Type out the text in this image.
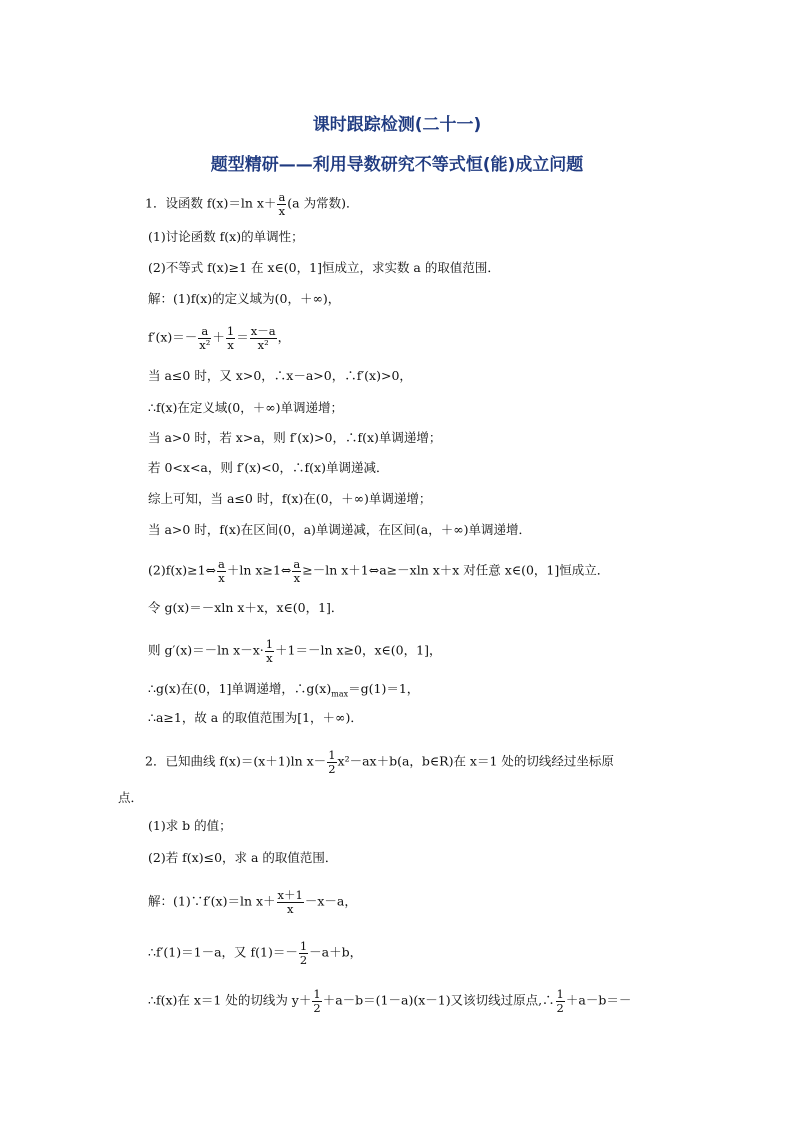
课时跟踪检测(二十一)
题型精研——利用导数研究不等式恒(能)成立问题
1．设函数 f(x)＝ln $x+ \frac{a}{x} (a$ 为常数)．
(1)讨论函数 f(x)的单调性；
(2)不等式 f(x)≥1 在 x∈(0，1]恒成立，求实数 a 的取值范围．
解：(1)f(x)的定义域为(0，＋∞)，
$f'(x)=- \frac{a}{\text{x²}} + \frac{1}{x} = \frac{x-a}{\text{x²}}$ ，
当 a≤0 时，又 x>0，∴x－a>0，∴f′(x)>0，
∴f(x)在定义域(0，＋∞)单调递增；
当 a>0 时，若 x>a，则 f′(x)>0，∴f(x)单调递增；
若 0<x<a，则 f′(x)<0，∴f(x)单调递减．
综上可知，当 a≤0 时，f(x)在(0，＋∞)单调递增；
当 a>0 时，f(x)在区间(0，a)单调递减，在区间(a，＋∞)单调递增．
(2)f(x)≥1⇔ $\frac{a}{x} +\ln$ x≥1⇔ $\frac{a}{x} \ge-\ln$ x＋1⇔a≥－xln x＋x 对任意 x∈(0，1]恒成立．
令 g(x)＝－xln x＋x，x∈(0，1]．
则 g′(x)＝－ln $x-x\cdot \frac{1}{x} +1=-\ln$ x≥0，x∈(0，1]，
∴g(x)在(0，1]单调递增，$\therefore g(x)_{max}=g(1)=1$，
∴a≥1，故 a 的取值范围为[1，＋∞)．
2．已知曲线 f(x)＝(x＋1)ln $x- \frac{1}{2} x^2-ax+b(a$，b∈R)在 x＝1 处的切线经过坐标原
点．
(1)求 b 的值；
(2)若 f(x)≤0，求 a 的取值范围．
解：(1)∵f′(x)＝ln $x+ \frac{x+1}{x} -x-a$，
∴f′(1)＝1－a，又 $f(1)=- \frac{1}{2} -a+b$，
∴f(x)在 x＝1 处的切线为 $y+ \frac{1}{2} +a-b=(1-a)(x-1)$又该切线过原点,∴ $\frac{1}{2} +a-b=-$
